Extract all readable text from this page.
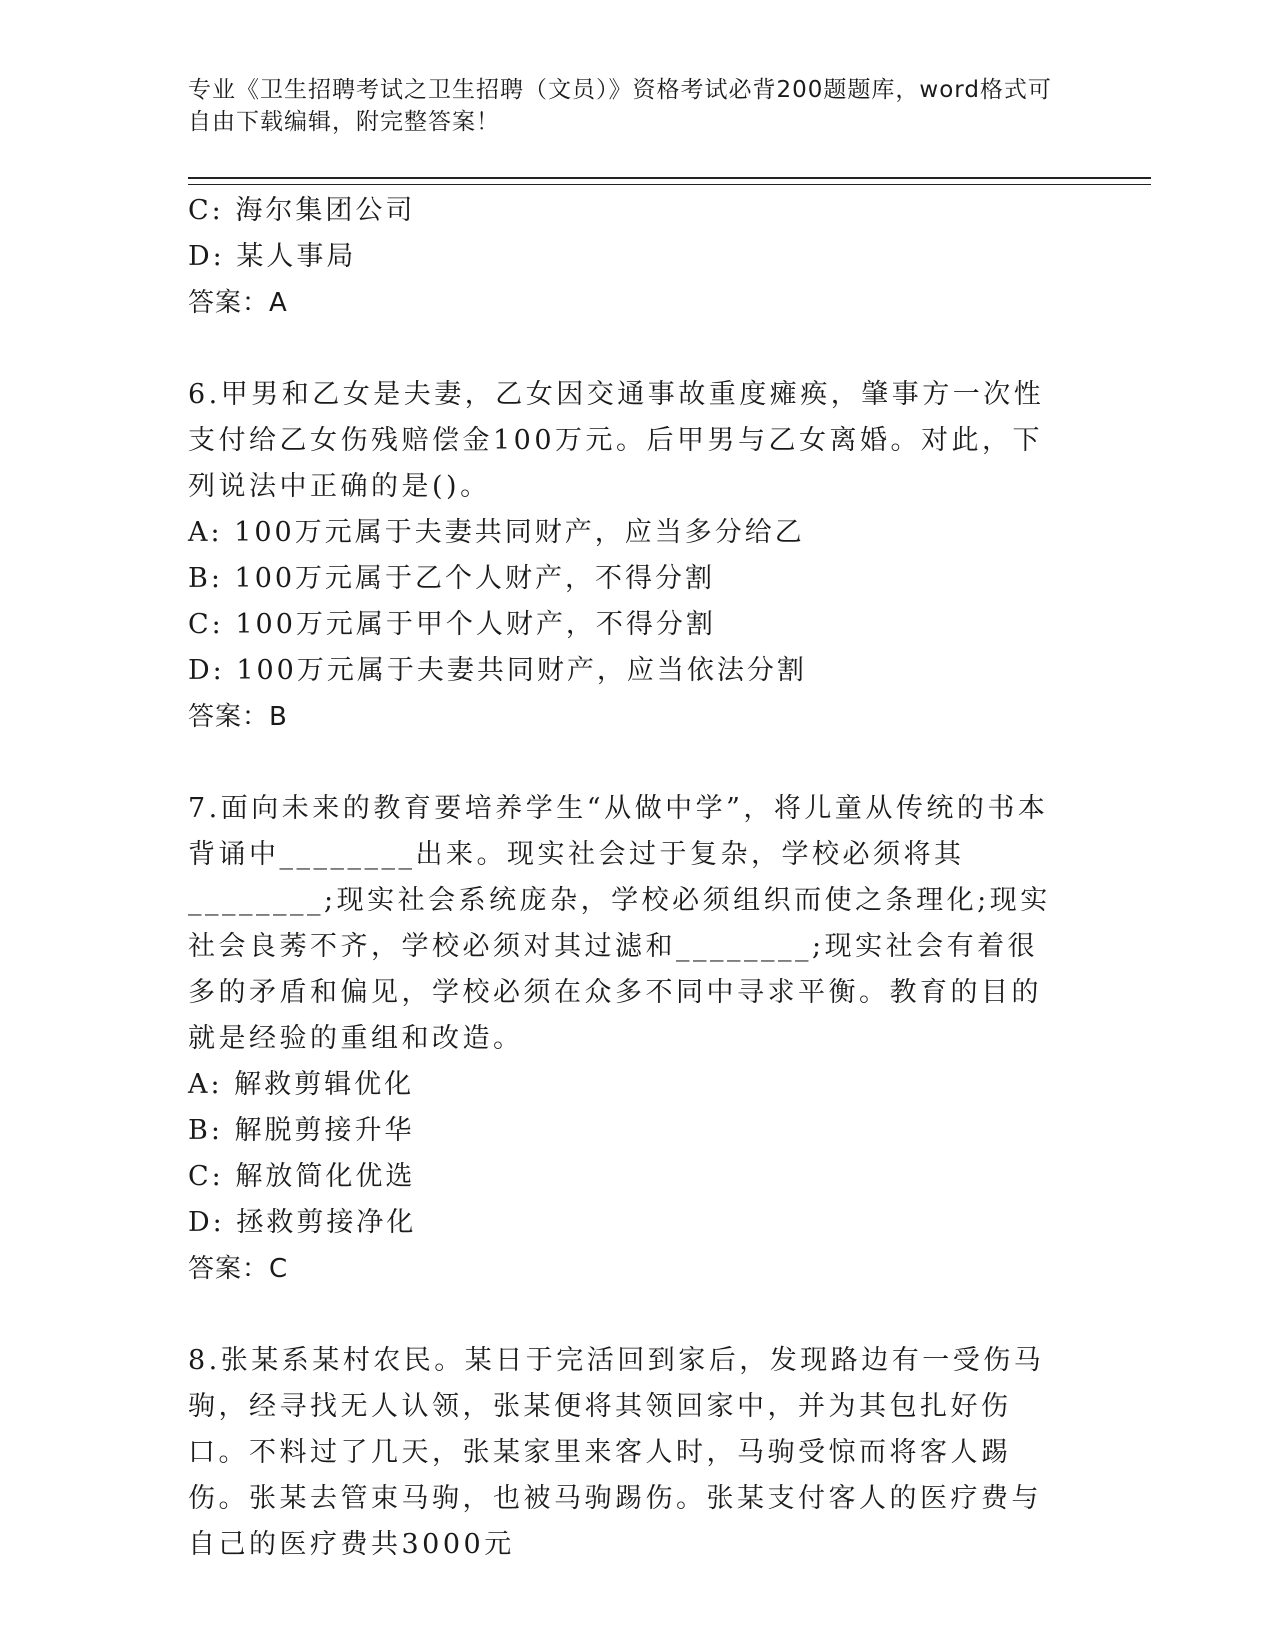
专业《卫生招聘考试之卫生招聘（文员）》资格考试必背200题题库，word格式可自由下载编辑，附完整答案！
C: 海尔集团公司
D: 某人事局
答案：A
6.甲男和乙女是夫妻，乙女因交通事故重度瘫痪，肇事方一次性支付给乙女伤残赔偿金100万元。后甲男与乙女离婚。对此，下列说法中正确的是()。
A: 100万元属于夫妻共同财产，应当多分给乙
B: 100万元属于乙个人财产，不得分割
C: 100万元属于甲个人财产，不得分割
D: 100万元属于夫妻共同财产，应当依法分割
答案：B
7.面向未来的教育要培养学生“从做中学”，将儿童从传统的书本背诵中________出来。现实社会过于复杂，学校必须将其________;现实社会系统庞杂，学校必须组织而使之条理化;现实社会良莠不齐，学校必须对其过滤和________;现实社会有着很多的矛盾和偏见，学校必须在众多不同中寻求平衡。教育的目的就是经验的重组和改造。
A: 解救剪辑优化
B: 解脱剪接升华
C: 解放简化优选
D: 拯救剪接净化
答案：C
8.张某系某村农民。某日于完活回到家后，发现路边有一受伤马驹，经寻找无人认领，张某便将其领回家中，并为其包扎好伤口。不料过了几天，张某家里来客人时，马驹受惊而将客人踢伤。张某去管束马驹，也被马驹踢伤。张某支付客人的医疗费与自己的医疗费共3000元
